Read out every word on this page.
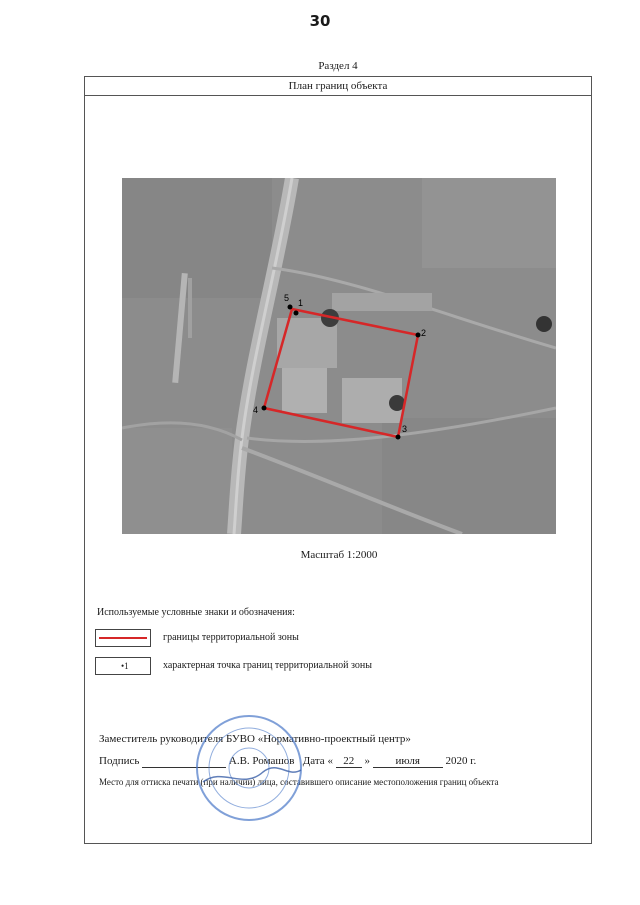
30
Раздел 4
План границ объекта
1
2
3
4
5
Масштаб 1:2000
Используемые условные знаки и обозначения:
границы территориальной зоны
•1	характерная точка границ территориальной зоны
Заместитель руководителя БУВО «Нормативно-проектный центр»
Подпись	А.В. Ромашов Дата « 22 » июля 2020 г.
Место для оттиска печати (при наличии) лица, составившего описание местоположения границ объекта
